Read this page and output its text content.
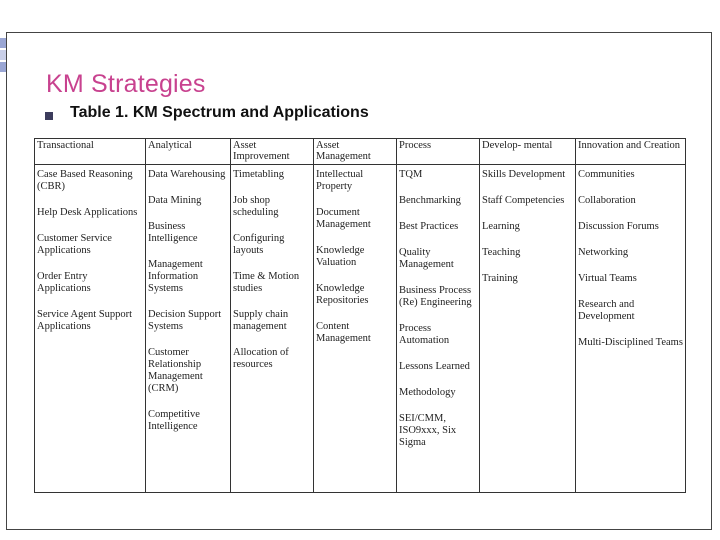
KM Strategies
Table 1. KM Spectrum and Applications
Transactional
Case Based Reasoning (CBR)
Help Desk Applications
Customer Service Applications
Order Entry Applications
Service Agent Support Applications
Analytical
Data Warehousing
Data Mining
Business Intelligence
Management Information Systems
Decision Support Systems
Customer Relationship Management (CRM)
Competitive Intelligence
Asset Improvement
Timetabling
Job shop scheduling
Configuring layouts
Time & Motion studies
Supply chain management
Allocation of resources
Asset Management
Intellectual Property
Document Management
Knowledge Valuation
Knowledge Repositories
Content Management
Process
TQM
Benchmarking
Best Practices
Quality Management
Business Process (Re) Engineering
Process Automation
Lessons Learned
Methodology
SEI/CMM, ISO9xxx, Six Sigma
Develop- mental
Skills Development
Staff Competencies
Learning
Teaching
Training
Innovation and Creation
Communities
Collaboration
Discussion Forums
Networking
Virtual Teams
Research and Development
Multi-Disciplined Teams
